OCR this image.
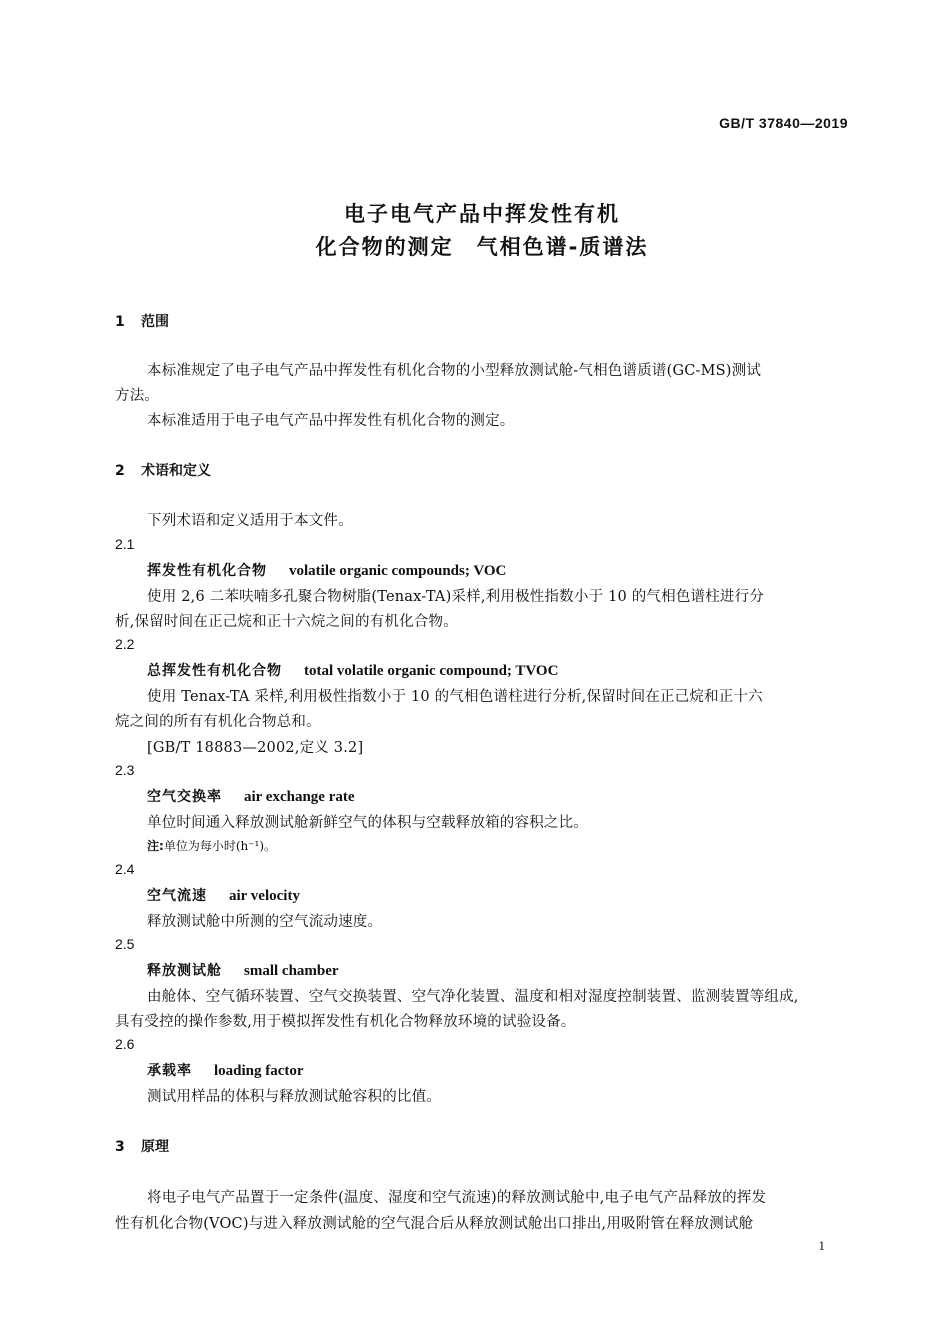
GB/T 37840—2019
电子电气产品中挥发性有机
化合物的测定　气相色谱-质谱法
1 范围
本标准规定了电子电气产品中挥发性有机化合物的小型释放测试舱-气相色谱质谱(GC-MS)测试
方法。
本标准适用于电子电气产品中挥发性有机化合物的测定。
2 术语和定义
下列术语和定义适用于本文件。
2.1
挥发性有机化合物 volatile organic compounds; VOC
使用 2,6 二苯呋喃多孔聚合物树脂(Tenax-TA)采样,利用极性指数小于 10 的气相色谱柱进行分
析,保留时间在正己烷和正十六烷之间的有机化合物。
2.2
总挥发性有机化合物 total volatile organic compound; TVOC
使用 Tenax-TA 采样,利用极性指数小于 10 的气相色谱柱进行分析,保留时间在正己烷和正十六
烷之间的所有有机化合物总和。
[GB/T 18883—2002,定义 3.2]
2.3
空气交换率 air exchange rate
单位时间通入释放测试舱新鲜空气的体积与空载释放箱的容积之比。
注:单位为每小时(h⁻¹)。
2.4
空气流速 air velocity
释放测试舱中所测的空气流动速度。
2.5
释放测试舱 small chamber
由舱体、空气循环装置、空气交换装置、空气净化装置、温度和相对湿度控制装置、监测装置等组成,
具有受控的操作参数,用于模拟挥发性有机化合物释放环境的试验设备。
2.6
承载率 loading factor
测试用样品的体积与释放测试舱容积的比值。
3 原理
将电子电气产品置于一定条件(温度、湿度和空气流速)的释放测试舱中,电子电气产品释放的挥发
性有机化合物(VOC)与进入释放测试舱的空气混合后从释放测试舱出口排出,用吸附管在释放测试舱
1
